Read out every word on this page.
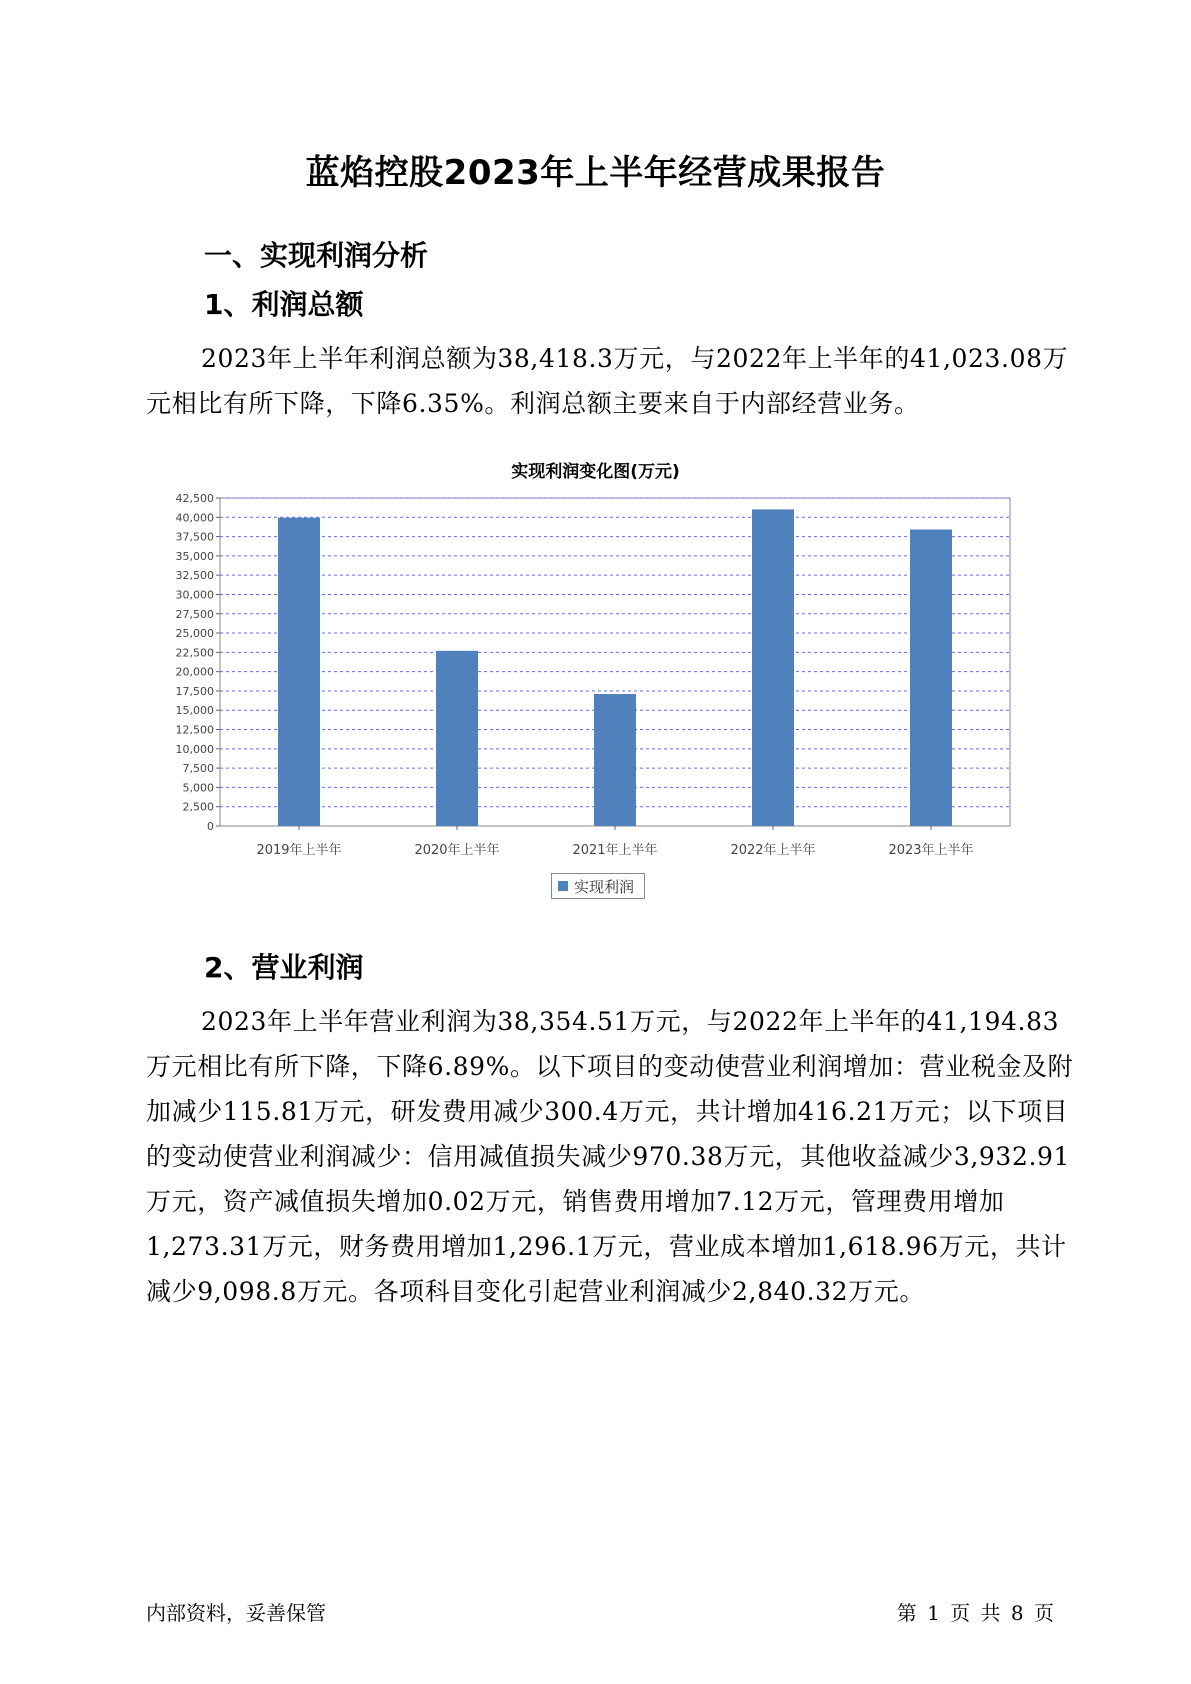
蓝焰控股2023年上半年经营成果报告
一、实现利润分析
1、利润总额
2023年上半年利润总额为38,418.3万元，与2022年上半年的41,023.08万元相比有所下降，下降6.35%。利润总额主要来自于内部经营业务。
实现利润变化图(万元)
0
2,500
5,000
7,500
10,000
12,500
15,000
17,500
20,000
22,500
25,000
27,500
30,000
32,500
35,000
37,500
40,000
42,500
2019年上半年	2020年上半年	2021年上半年	2022年上半年	2023年上半年
实现利润
2、营业利润
2023年上半年营业利润为38,354.51万元，与2022年上半年的41,194.83万元相比有所下降，下降6.89%。以下项目的变动使营业利润增加：营业税金及附加减少115.81万元，研发费用减少300.4万元，共计增加416.21万元；以下项目的变动使营业利润减少：信用减值损失减少970.38万元，其他收益减少3,932.91万元，资产减值损失增加0.02万元，销售费用增加7.12万元，管理费用增加1,273.31万元，财务费用增加1,296.1万元，营业成本增加1,618.96万元，共计减少9,098.8万元。各项科目变化引起营业利润减少2,840.32万元。
内部资料，妥善保管	第 1 页 共 8 页
